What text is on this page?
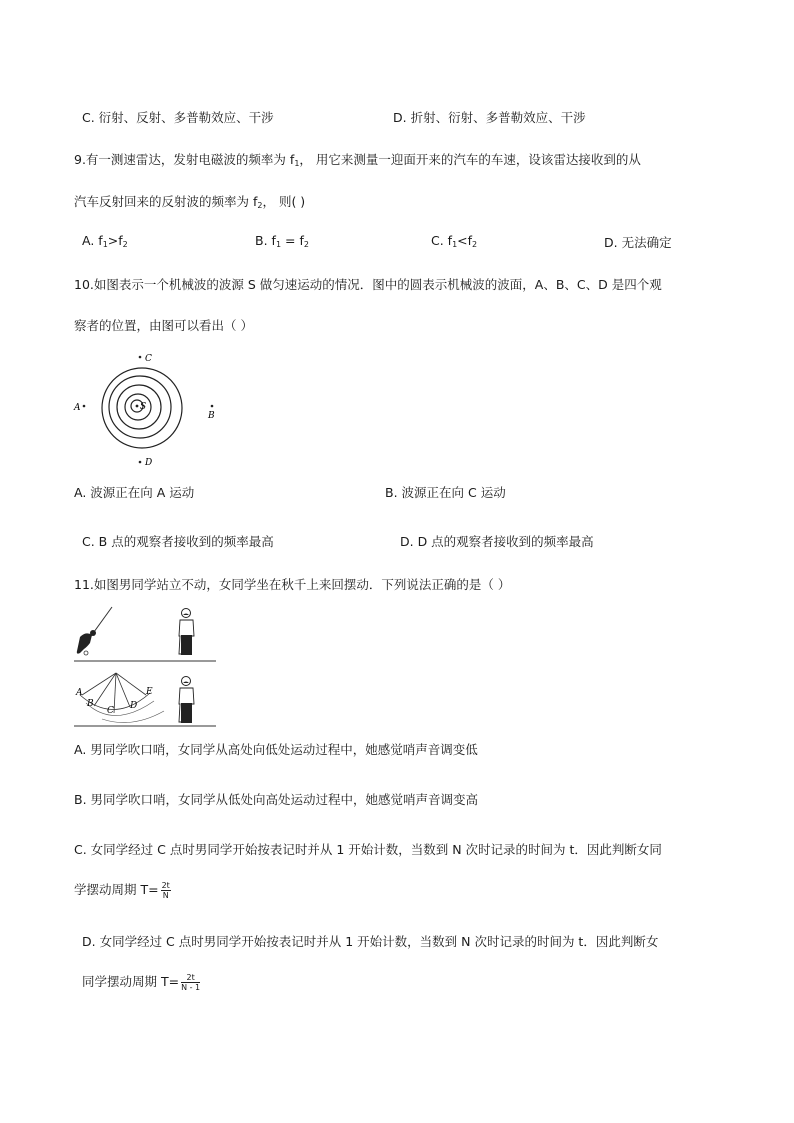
C. 衍射、反射、多普勒效应、干涉	D. 折射、衍射、多普勒效应、干涉
9.有一测速雷达，发射电磁波的频率为 $f_1$， 用它来测量一迎面开来的汽车的车速，设该雷达接收到的从
汽车反射回来的反射波的频率为 $f_2$， 则( )
A. $f_1>f_2$	B. $f_1 = f_2$	C. $f_1<f_2$	D. 无法确定
10.如图表示一个机械波的波源 S 做匀速运动的情况．图中的圆表示机械波的波面，A、B、C、D 是四个观
察者的位置，由图可以看出（ ）
S
C
A
B
D
A. 波源正在向 A 运动	B. 波源正在向 C 运动
C. B 点的观察者接收到的频率最高	D. D 点的观察者接收到的频率最高
11.如图男同学站立不动，女同学坐在秋千上来回摆动．下列说法正确的是（ ）
A
B
C D
E
A. 男同学吹口哨，女同学从高处向低处运动过程中，她感觉哨声音调变低
B. 男同学吹口哨，女同学从低处向高处运动过程中，她感觉哨声音调变高
C. 女同学经过 C 点时男同学开始按表记时并从 1 开始计数，当数到 N 次时记录的时间为 t．因此判断女同
学摆动周期 $T= \frac{2t}{N}$
D. 女同学经过 C 点时男同学开始按表记时并从 1 开始计数，当数到 N 次时记录的时间为 t．因此判断女
同学摆动周期 $T= \frac{2t}{N - 1}$
